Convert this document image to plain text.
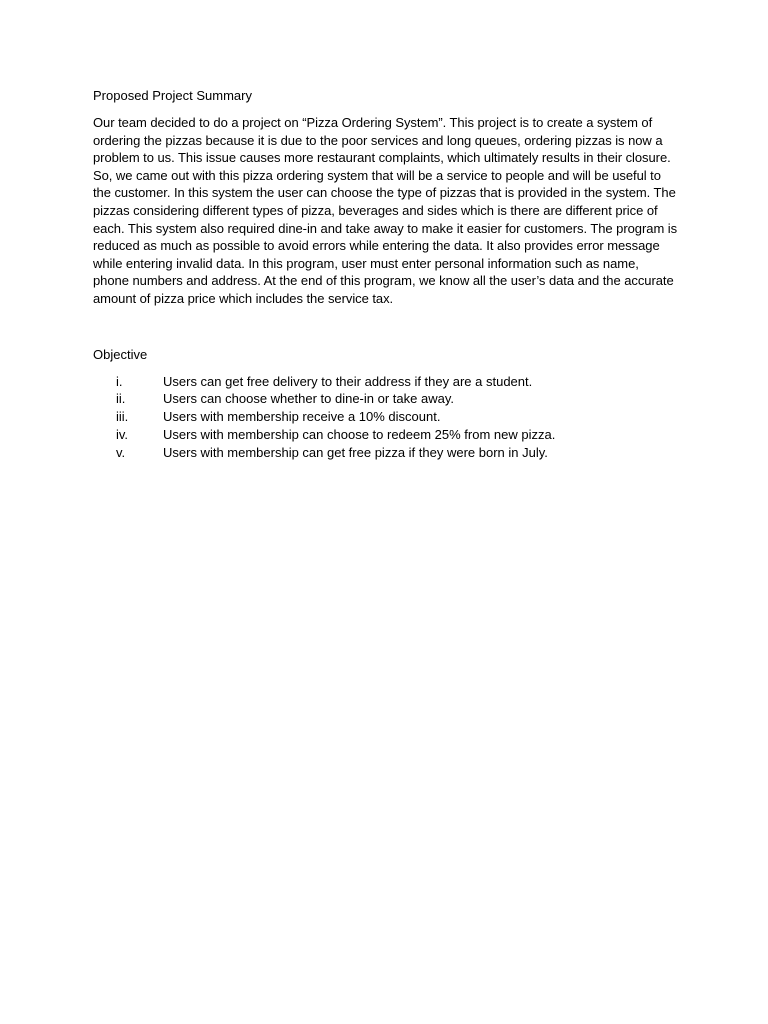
Proposed Project Summary

Our team decided to do a project on “Pizza Ordering System”. This project is to create a system of ordering the pizzas because it is due to the poor services and long queues, ordering pizzas is now a problem to us. This issue causes more restaurant complaints, which ultimately results in their closure. So, we came out with this pizza ordering system that will be a service to people and will be useful to the customer. In this system the user can choose the type of pizzas that is provided in the system. The pizzas considering different types of pizza, beverages and sides which is there are different price of each. This system also required dine-in and take away to make it easier for customers. The program is reduced as much as possible to avoid errors while entering the data. It also provides error message while entering invalid data. In this program, user must enter personal information such as name, phone numbers and address. At the end of this program, we know all the user’s data and the accurate amount of pizza price which includes the service tax.

Objective
i.	Users can get free delivery to their address if they are a student.
ii.	Users can choose whether to dine-in or take away.
iii.	Users with membership receive a 10% discount.
iv.	Users with membership can choose to redeem 25% from new pizza.
v.	Users with membership can get free pizza if they were born in July.
